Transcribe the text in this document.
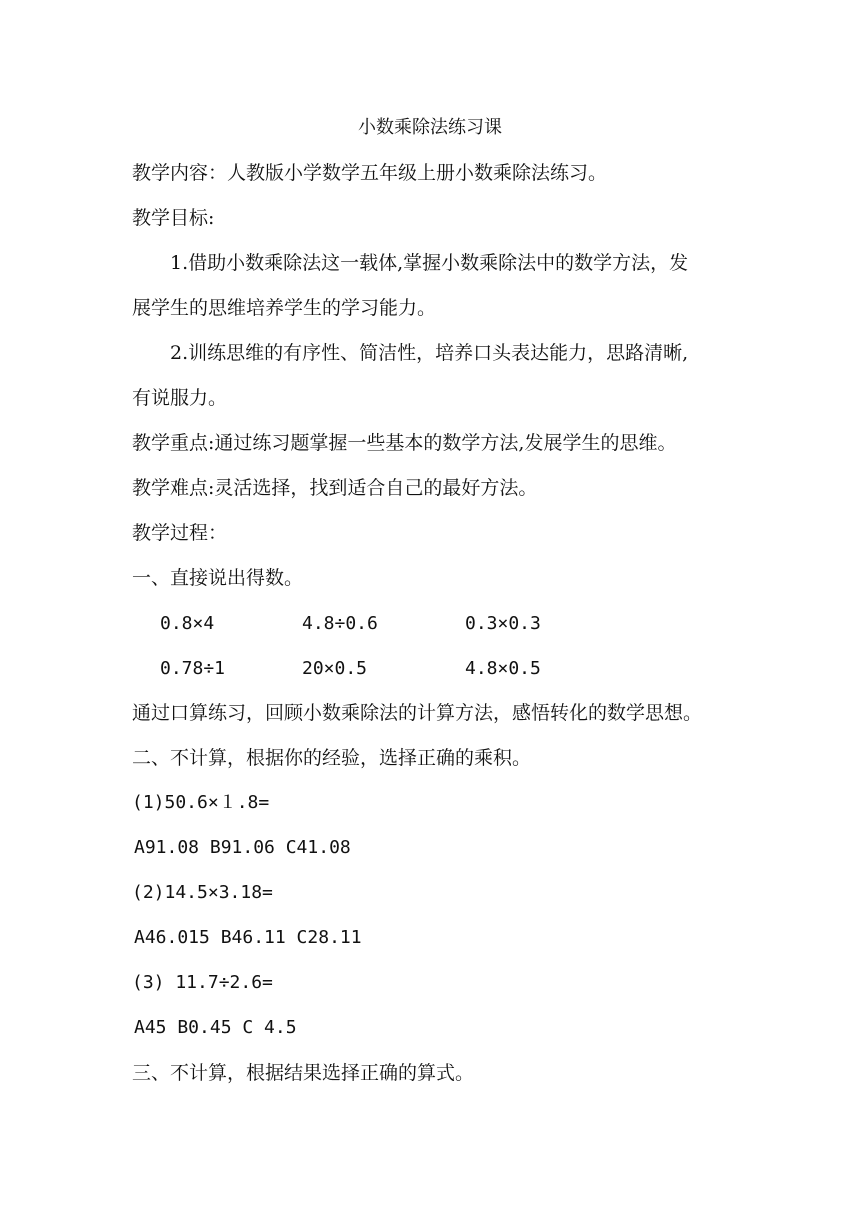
小数乘除法练习课
教学内容：人教版小学数学五年级上册小数乘除法练习。
教学目标:
1.借助小数乘除法这一载体,掌握小数乘除法中的数学方法，发
展学生的思维培养学生的学习能力。
2.训练思维的有序性、简洁性，培养口头表达能力，思路清晰,
有说服力。
教学重点:通过练习题掌握一些基本的数学方法,发展学生的思维。
教学难点:灵活选择，找到适合自己的最好方法。
教学过程：
一、直接说出得数。
0.8×4	4.8÷0.6	0.3×0.3
0.78÷1	20×0.5	4.8×0.5
通过口算练习，回顾小数乘除法的计算方法，感悟转化的数学思想。
二、不计算，根据你的经验，选择正确的乘积。
(1)50.6×１.8=
A91.08 B91.06 C41.08
(2)14.5×3.18=
A46.015 B46.11 C28.11
(3) 11.7÷2.6=
A45 B0.45 C 4.5
三、不计算，根据结果选择正确的算式。
